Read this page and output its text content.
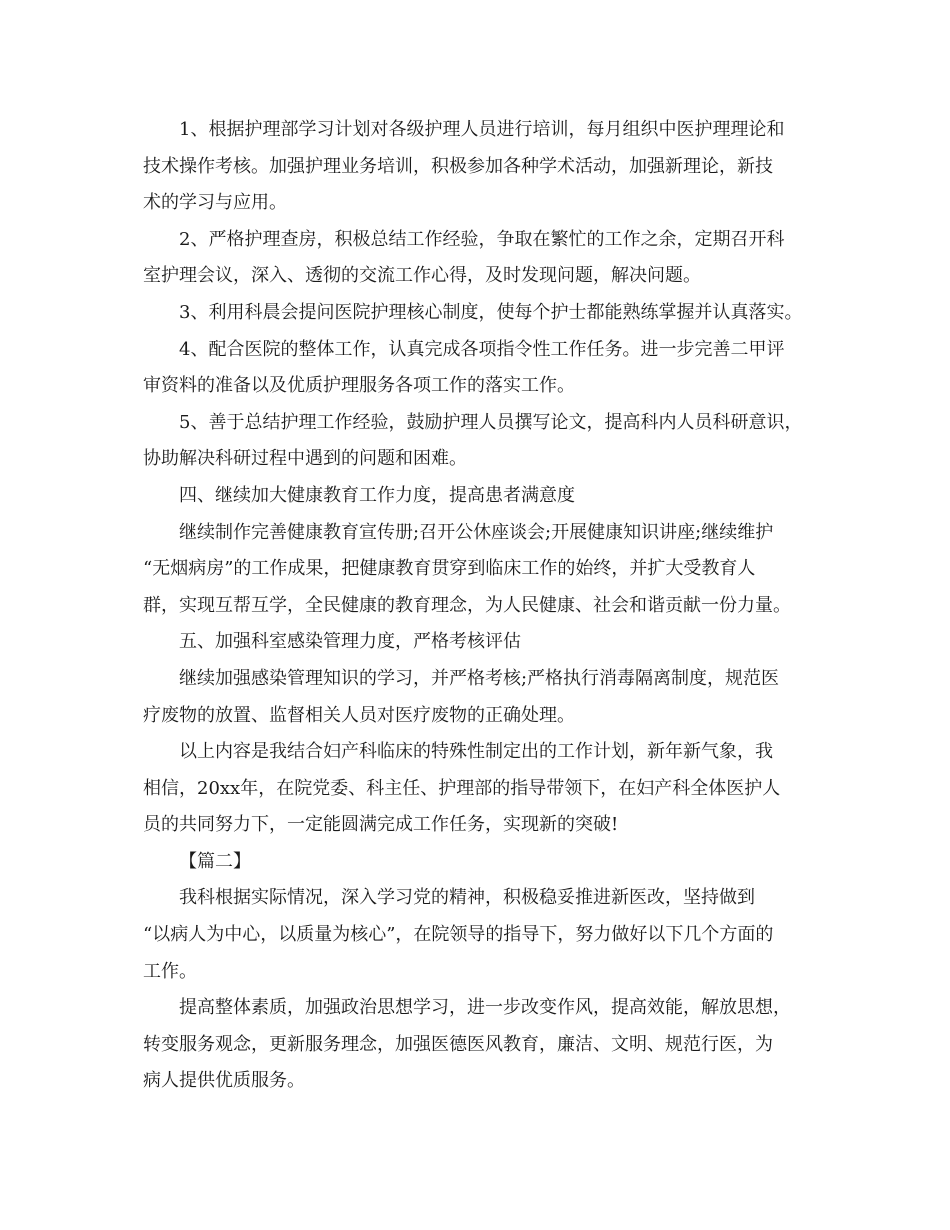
1、根据护理部学习计划对各级护理人员进行培训，每月组织中医护理理论和
技术操作考核。加强护理业务培训，积极参加各种学术活动，加强新理论，新技
术的学习与应用。
2、严格护理查房，积极总结工作经验，争取在繁忙的工作之余，定期召开科
室护理会议，深入、透彻的交流工作心得，及时发现问题，解决问题。
3、利用科晨会提问医院护理核心制度，使每个护士都能熟练掌握并认真落实。
4、配合医院的整体工作，认真完成各项指令性工作任务。进一步完善二甲评
审资料的准备以及优质护理服务各项工作的落实工作。
5、善于总结护理工作经验，鼓励护理人员撰写论文，提高科内人员科研意识，
协助解决科研过程中遇到的问题和困难。
四、继续加大健康教育工作力度，提高患者满意度
继续制作完善健康教育宣传册;召开公休座谈会;开展健康知识讲座;继续维护
“无烟病房”的工作成果，把健康教育贯穿到临床工作的始终，并扩大受教育人
群，实现互帮互学，全民健康的教育理念，为人民健康、社会和谐贡献一份力量。
五、加强科室感染管理力度，严格考核评估
继续加强感染管理知识的学习，并严格考核;严格执行消毒隔离制度，规范医
疗废物的放置、监督相关人员对医疗废物的正确处理。
以上内容是我结合妇产科临床的特殊性制定出的工作计划，新年新气象，我
相信，20xx年，在院党委、科主任、护理部的指导带领下，在妇产科全体医护人
员的共同努力下，一定能圆满完成工作任务，实现新的突破!
【篇二】
我科根据实际情况，深入学习党的精神，积极稳妥推进新医改，坚持做到
“以病人为中心，以质量为核心”，在院领导的指导下，努力做好以下几个方面的
工作。
提高整体素质，加强政治思想学习，进一步改变作风，提高效能，解放思想，
转变服务观念，更新服务理念，加强医德医风教育，廉洁、文明、规范行医，为
病人提供优质服务。
